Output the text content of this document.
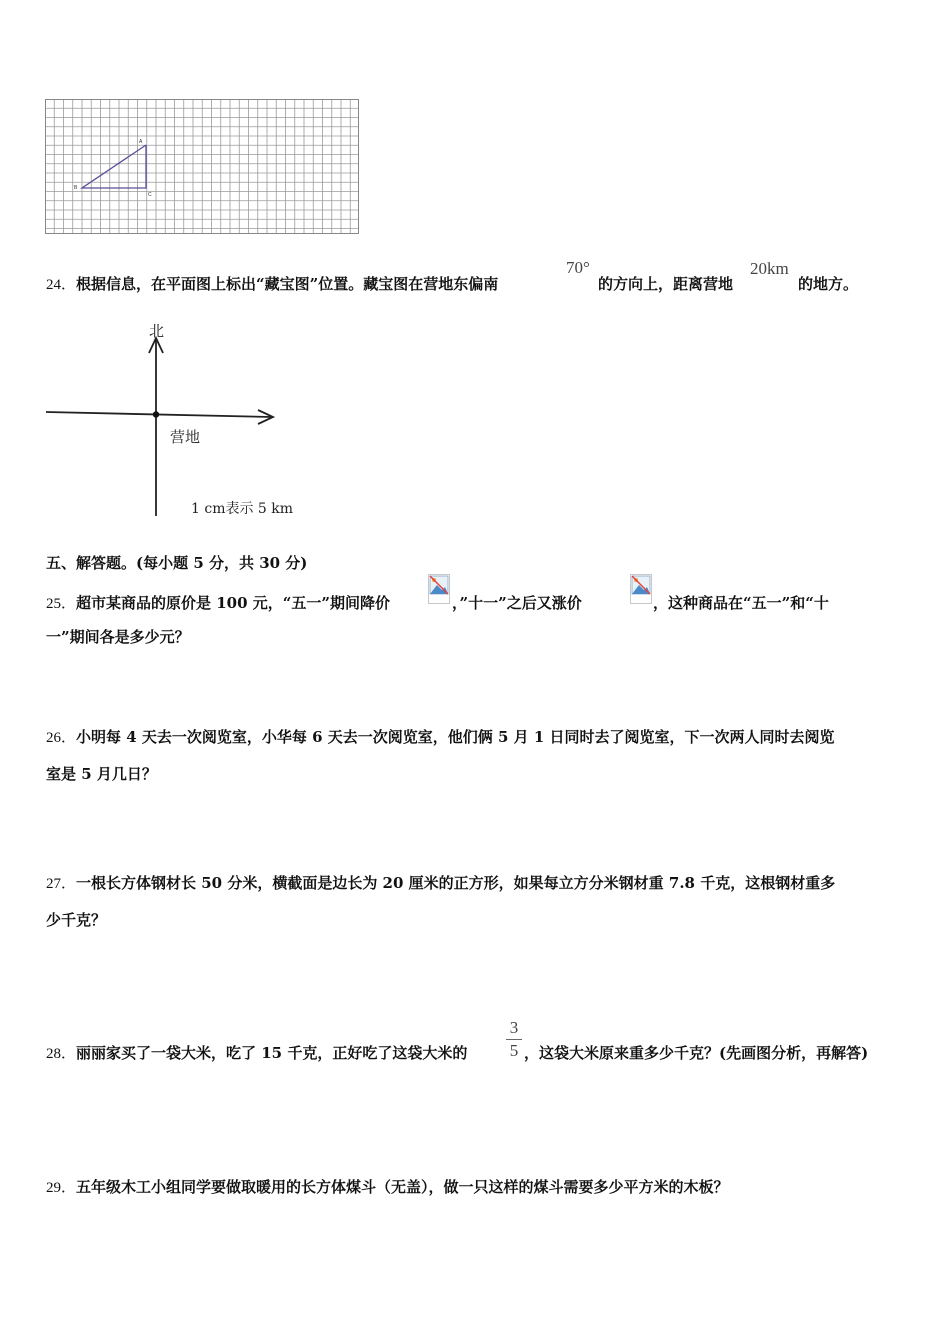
A
B
C
24．根据信息，在平面图上标出“藏宝图”位置。藏宝图在营地东偏南
70°
的方向上，距离营地
20km
的地方。
北
营地
1 cm表示 5 km
五、解答题。(每小题 5 分，共 30 分)
25．超市某商品的原价是 100 元，“五一”期间降价	，”十一”之后又涨价	，这种商品在“五一”和“十
一”期间各是多少元？
26．小明每 4 天去一次阅览室，小华每 6 天去一次阅览室，他们俩 5 月 1 日同时去了阅览室，下一次两人同时去阅览
室是 5 月几日？
27．一根长方体钢材长 50 分米，横截面是边长为 20 厘米的正方形，如果每立方分米钢材重 7.8 千克，这根钢材重多
少千克？
28．丽丽家买了一袋大米，吃了 15 千克，正好吃了这袋大米的
3
5 ，这袋大米原来重多少千克？(先画图分析，再解答)
29．五年级木工小组同学要做取暖用的长方体煤斗（无盖），做一只这样的煤斗需要多少平方米的木板？
